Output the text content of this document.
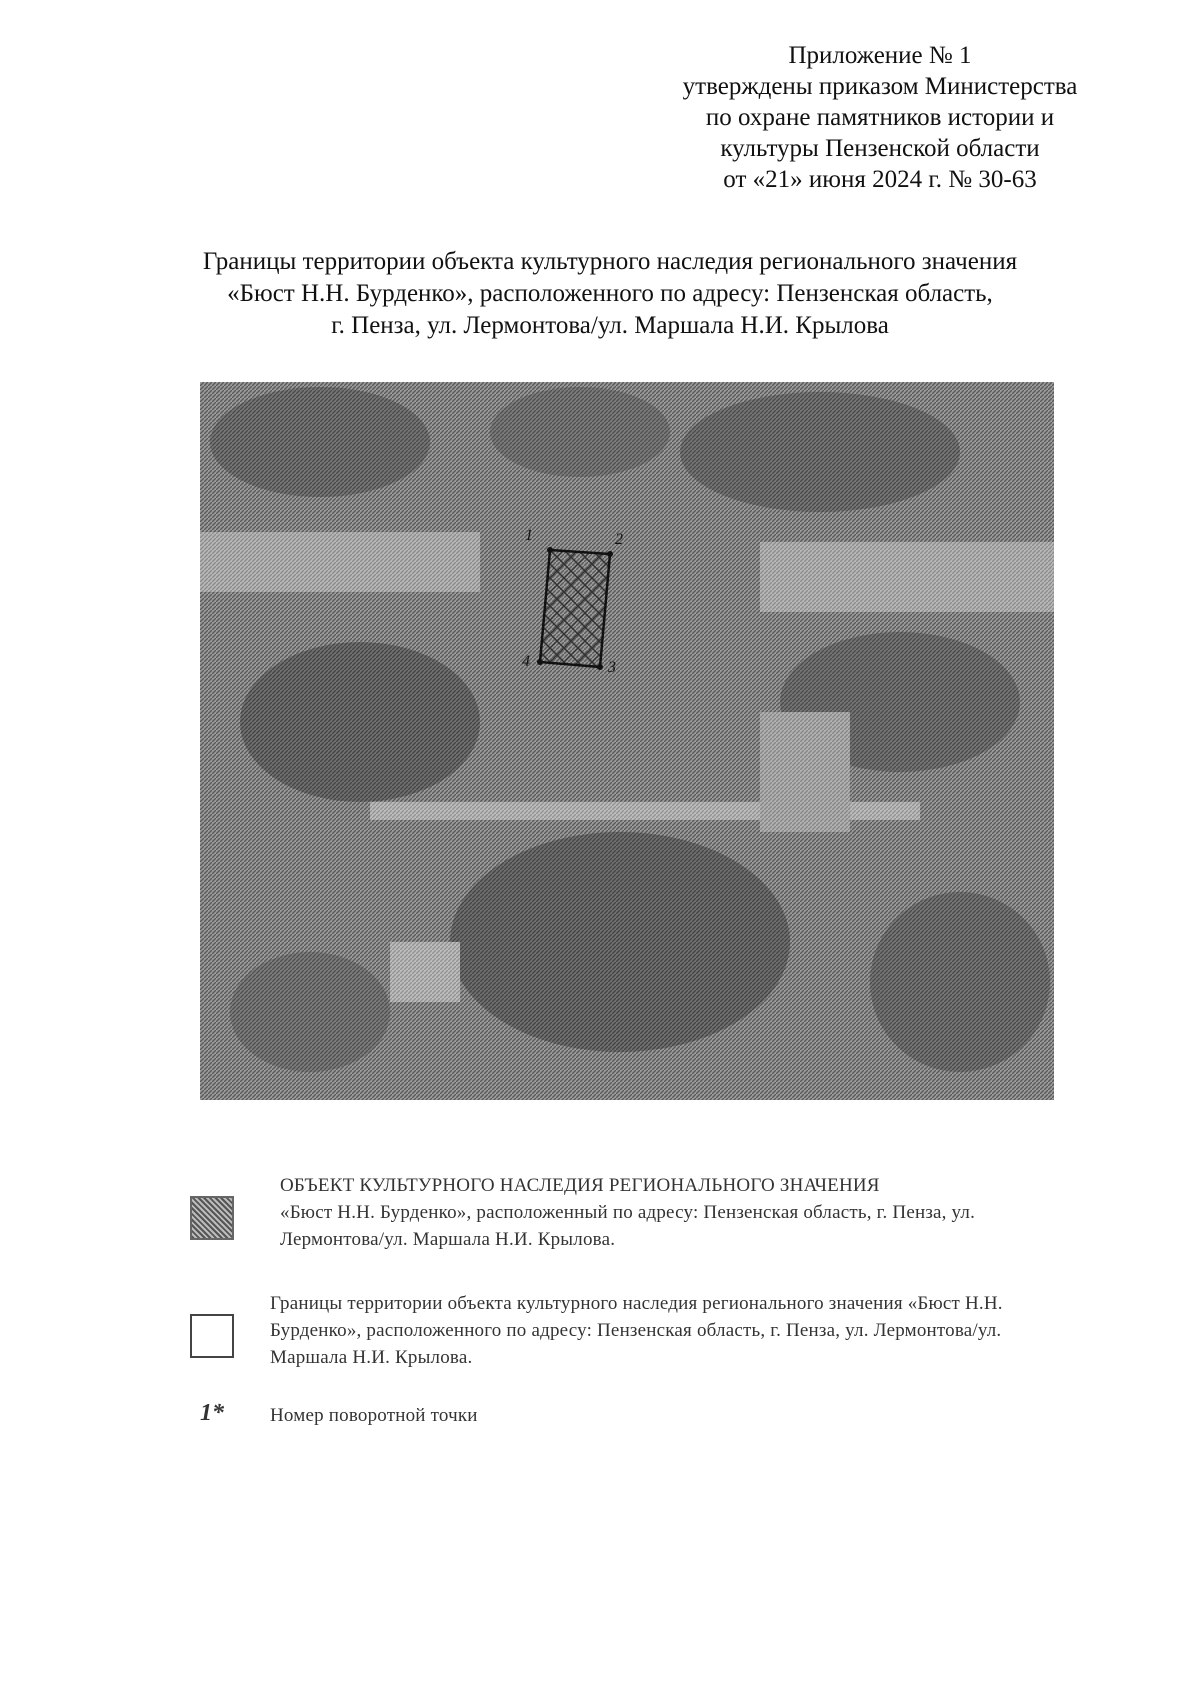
Приложение № 1
утверждены приказом Министерства
по охране памятников истории и
культуры Пензенской области
от «21» июня 2024 г. № 30-63
Границы территории объекта культурного наследия регионального значения
«Бюст Н.Н. Бурденко», расположенного по адресу: Пензенская область,
г. Пенза, ул. Лермонтова/ул. Маршала Н.И. Крылова
1	2
3
4
ОБЪЕКТ КУЛЬТУРНОГО НАСЛЕДИЯ РЕГИОНАЛЬНОГО ЗНАЧЕНИЯ
«Бюст Н.Н. Бурденко», расположенный по адресу: Пензенская область, г. Пенза, ул.
Лермонтова/ул. Маршала Н.И. Крылова.
Границы территории объекта культурного наследия регионального значения «Бюст Н.Н.
Бурденко», расположенного по адресу: Пензенская область, г. Пенза, ул. Лермонтова/ул.
Маршала Н.И. Крылова.
1* Номер поворотной точки
